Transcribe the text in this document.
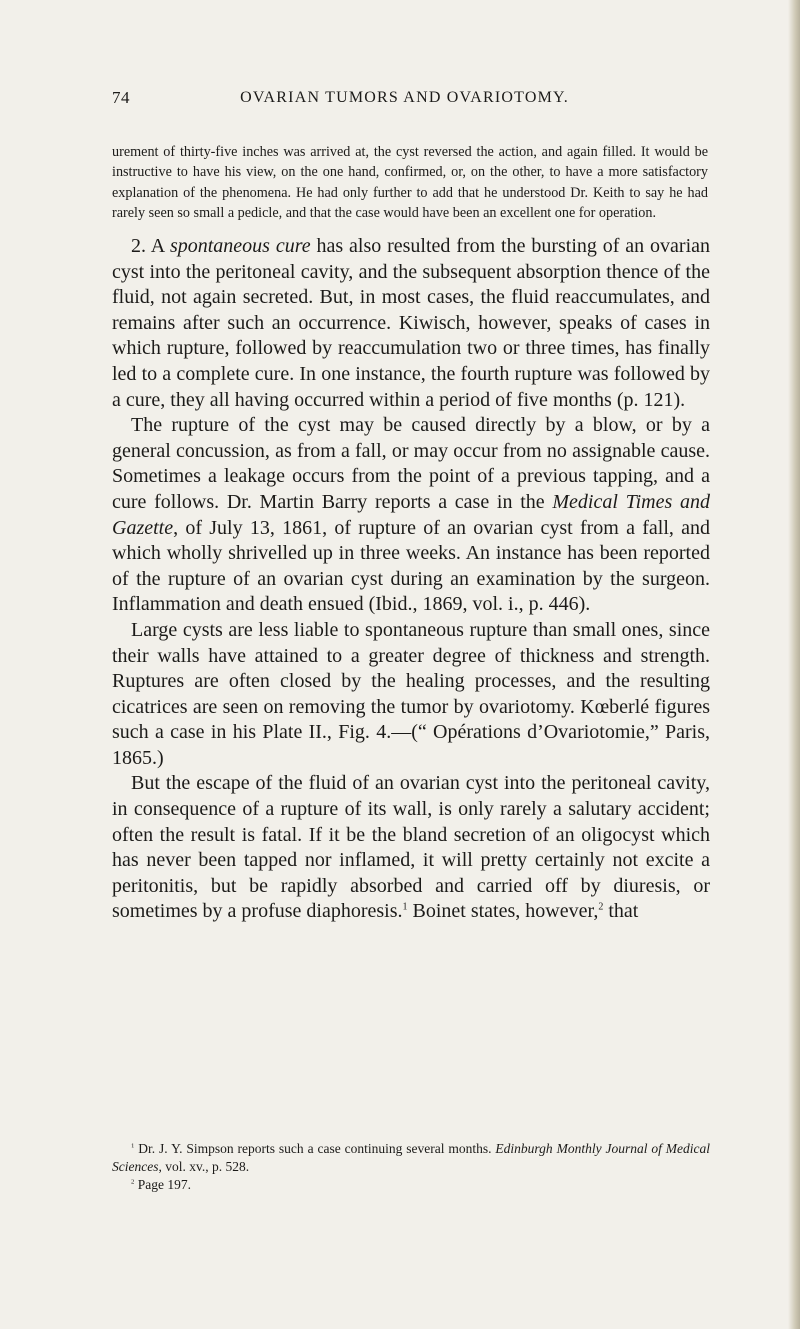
74	OVARIAN TUMORS AND OVARIOTOMY.

urement of thirty-five inches was arrived at, the cyst reversed the action, and again filled. It would be instructive to have his view, on the one hand, confirmed, or, on the other, to have a more satisfactory explanation of the phenomena. He had only further to add that he understood Dr. Keith to say he had rarely seen so small a pedicle, and that the case would have been an excellent one for operation.

2. A spontaneous cure has also resulted from the bursting of an ovarian cyst into the peritoneal cavity, and the subsequent absorption thence of the fluid, not again secreted. But, in most cases, the fluid reaccumulates, and remains after such an occurrence. Kiwisch, however, speaks of cases in which rupture, followed by reaccumulation two or three times, has finally led to a complete cure. In one instance, the fourth rupture was followed by a cure, they all having occurred within a period of five months (p. 121).

The rupture of the cyst may be caused directly by a blow, or by a general concussion, as from a fall, or may occur from no assignable cause. Sometimes a leakage occurs from the point of a previous tapping, and a cure follows. Dr. Martin Barry reports a case in the Medical Times and Gazette, of July 13, 1861, of rupture of an ovarian cyst from a fall, and which wholly shrivelled up in three weeks. An instance has been reported of the rupture of an ovarian cyst during an examination by the surgeon. Inflammation and death ensued (Ibid., 1869, vol. i., p. 446).

Large cysts are less liable to spontaneous rupture than small ones, since their walls have attained to a greater degree of thickness and strength. Ruptures are often closed by the healing processes, and the resulting cicatrices are seen on removing the tumor by ovariotomy. Kœberlé figures such a case in his Plate II., Fig. 4.—(“ Opérations d’Ovariotomie,” Paris, 1865.)

But the escape of the fluid of an ovarian cyst into the peritoneal cavity, in consequence of a rupture of its wall, is only rarely a salutary accident; often the result is fatal. If it be the bland secretion of an oligocyst which has never been tapped nor inflamed, it will pretty certainly not excite a peritonitis, but be rapidly absorbed and carried off by diuresis, or sometimes by a profuse diaphoresis.$^1$ Boinet states, however,$^2$ that

$^1$ Dr. J. Y. Simpson reports such a case continuing several months. Edinburgh Monthly Journal of Medical Sciences, vol. xv., p. 528.

$^2$ Page 197.
